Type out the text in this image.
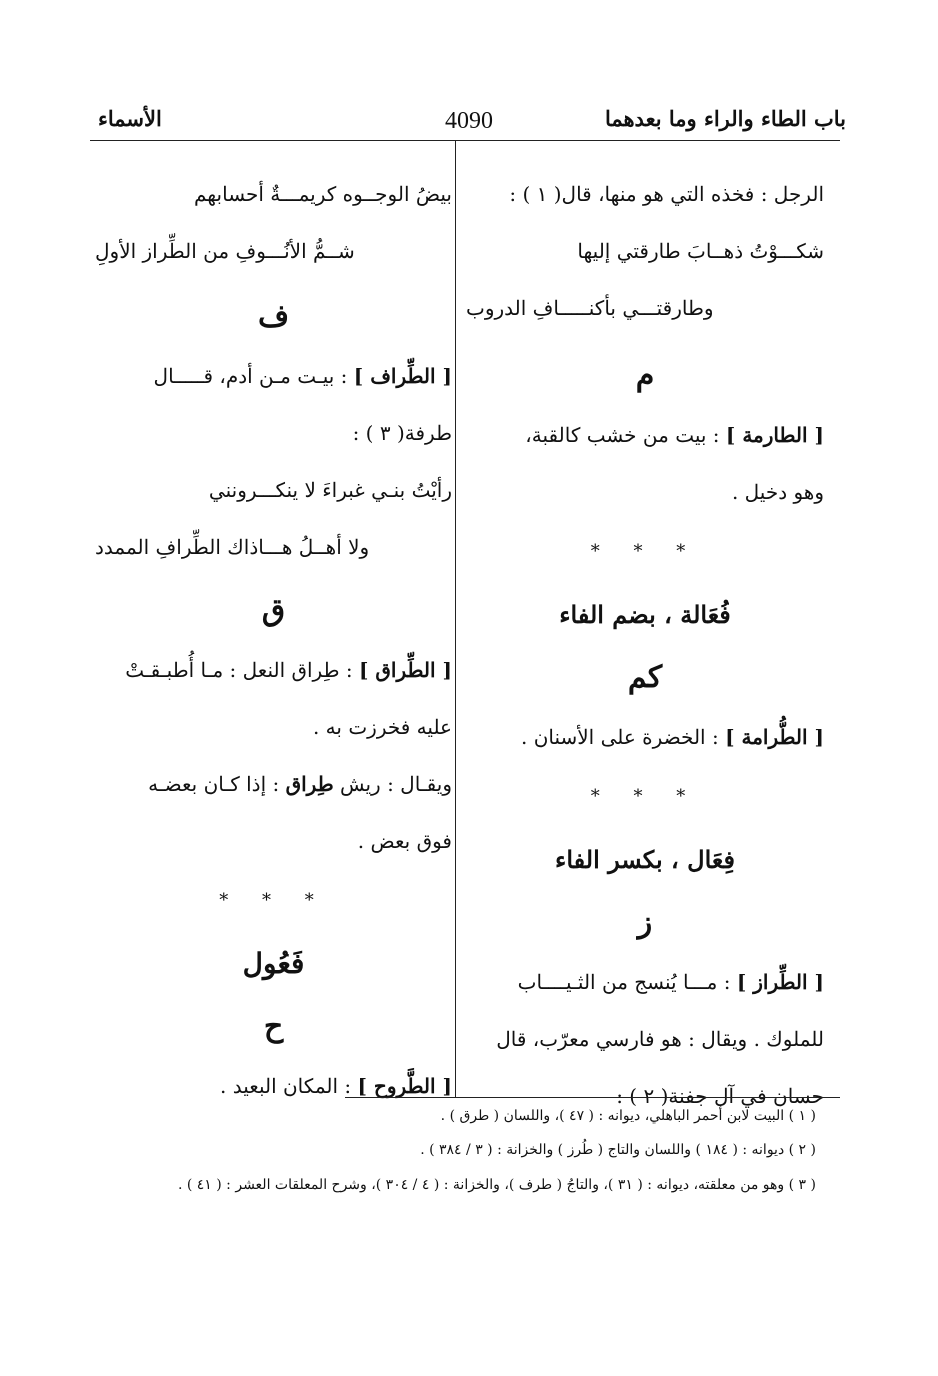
باب الطاء والراء وما بعدهما
4090
الأسماء
الرجل : فخذه التي هو منها، قال( ١ ) :
شكـــوْتُ ذهــابَ طارقتي إليها
وطارقتـــي بأكنـــــافِ الدروب
م
[ الطارمة ] : بيت من خشب كالقبة،
وهو دخيل .
* * *
فُعَالة ، بضم الفاء
كم
[ الطُّرامة ] : الخضرة على الأسنان .
* * *
فِعَال ، بكسر الفاء
ز
[ الطِّراز ] : مـــا يُنسج من الثـيــــاب
للملوك . ويقال : هو فارسي معرّب، قال
حسان في آل جفنة( ٢ ) :
بيضُ الوجــوه كريمـــةٌ أحسابهم
شــمُّ الأنُـــوفِ من الطِّراز الأولِ
ف
[ الطِّراف ] : بيـت مـن أدم، قـــــال
طرفة( ٣ ) :
رأيْتُ بنـي غبراءَ لا ينكـــرونني
ولا أهــلُ هـــاذاك الطِّرافِ الممدد
ق
[ الطِّراق ] : طِراق النعل : مـا أُطبـقـتْ
عليه فخرزت به .
ويقـال : ريش طِراق : إذا كـان بعضـه
فوق بعض .
* * *
فَعُول
ح
[ الطَّروح ] : المكان البعيد .
( ١ ) البيت لابن أحمر الباهلي، ديوانه : ( ٤٧ )، واللسان ( طرق ) .
( ٢ ) ديوانه : ( ١٨٤ ) واللسان والتاج ( طُرز ) والخزانة : ( ٣ / ٣٨٤ ) .
( ٣ ) وهو من معلقته، ديوانه : ( ٣١ )، والتاجُ ( طرف )، والخزانة : ( ٤ / ٣٠٤ )، وشرح المعلقات العشر : ( ٤١ ) .
